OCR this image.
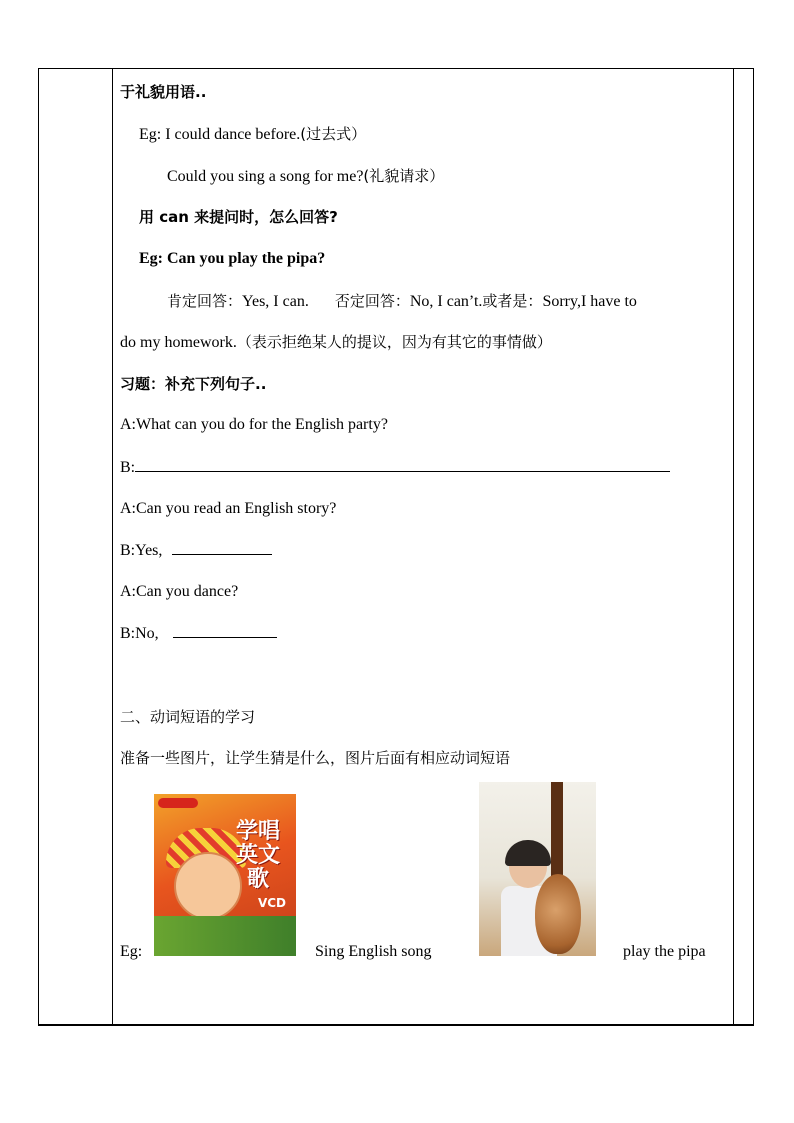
于礼貌用语..
Eg: I could dance before.(过去式）
Could you sing a song for me?(礼貌请求）
用 can 来提问时，怎么回答?
Eg: Can you play the pipa?
肯定回答：Yes, I can. 否定回答：No, I can’t.或者是：Sorry,I have to
do my homework.（表示拒绝某人的提议，因为有其它的事情做）
习题：补充下列句子..
A:What can you do for the English party?
B:
A:Can you read an English story?
B:Yes,
A:Can you dance?
B:No,
二、动词短语的学习
准备一些图片，让学生猜是什么，图片后面有相应动词短语
学唱英文歌
VCD
Eg:	Sing English song	play the pipa
